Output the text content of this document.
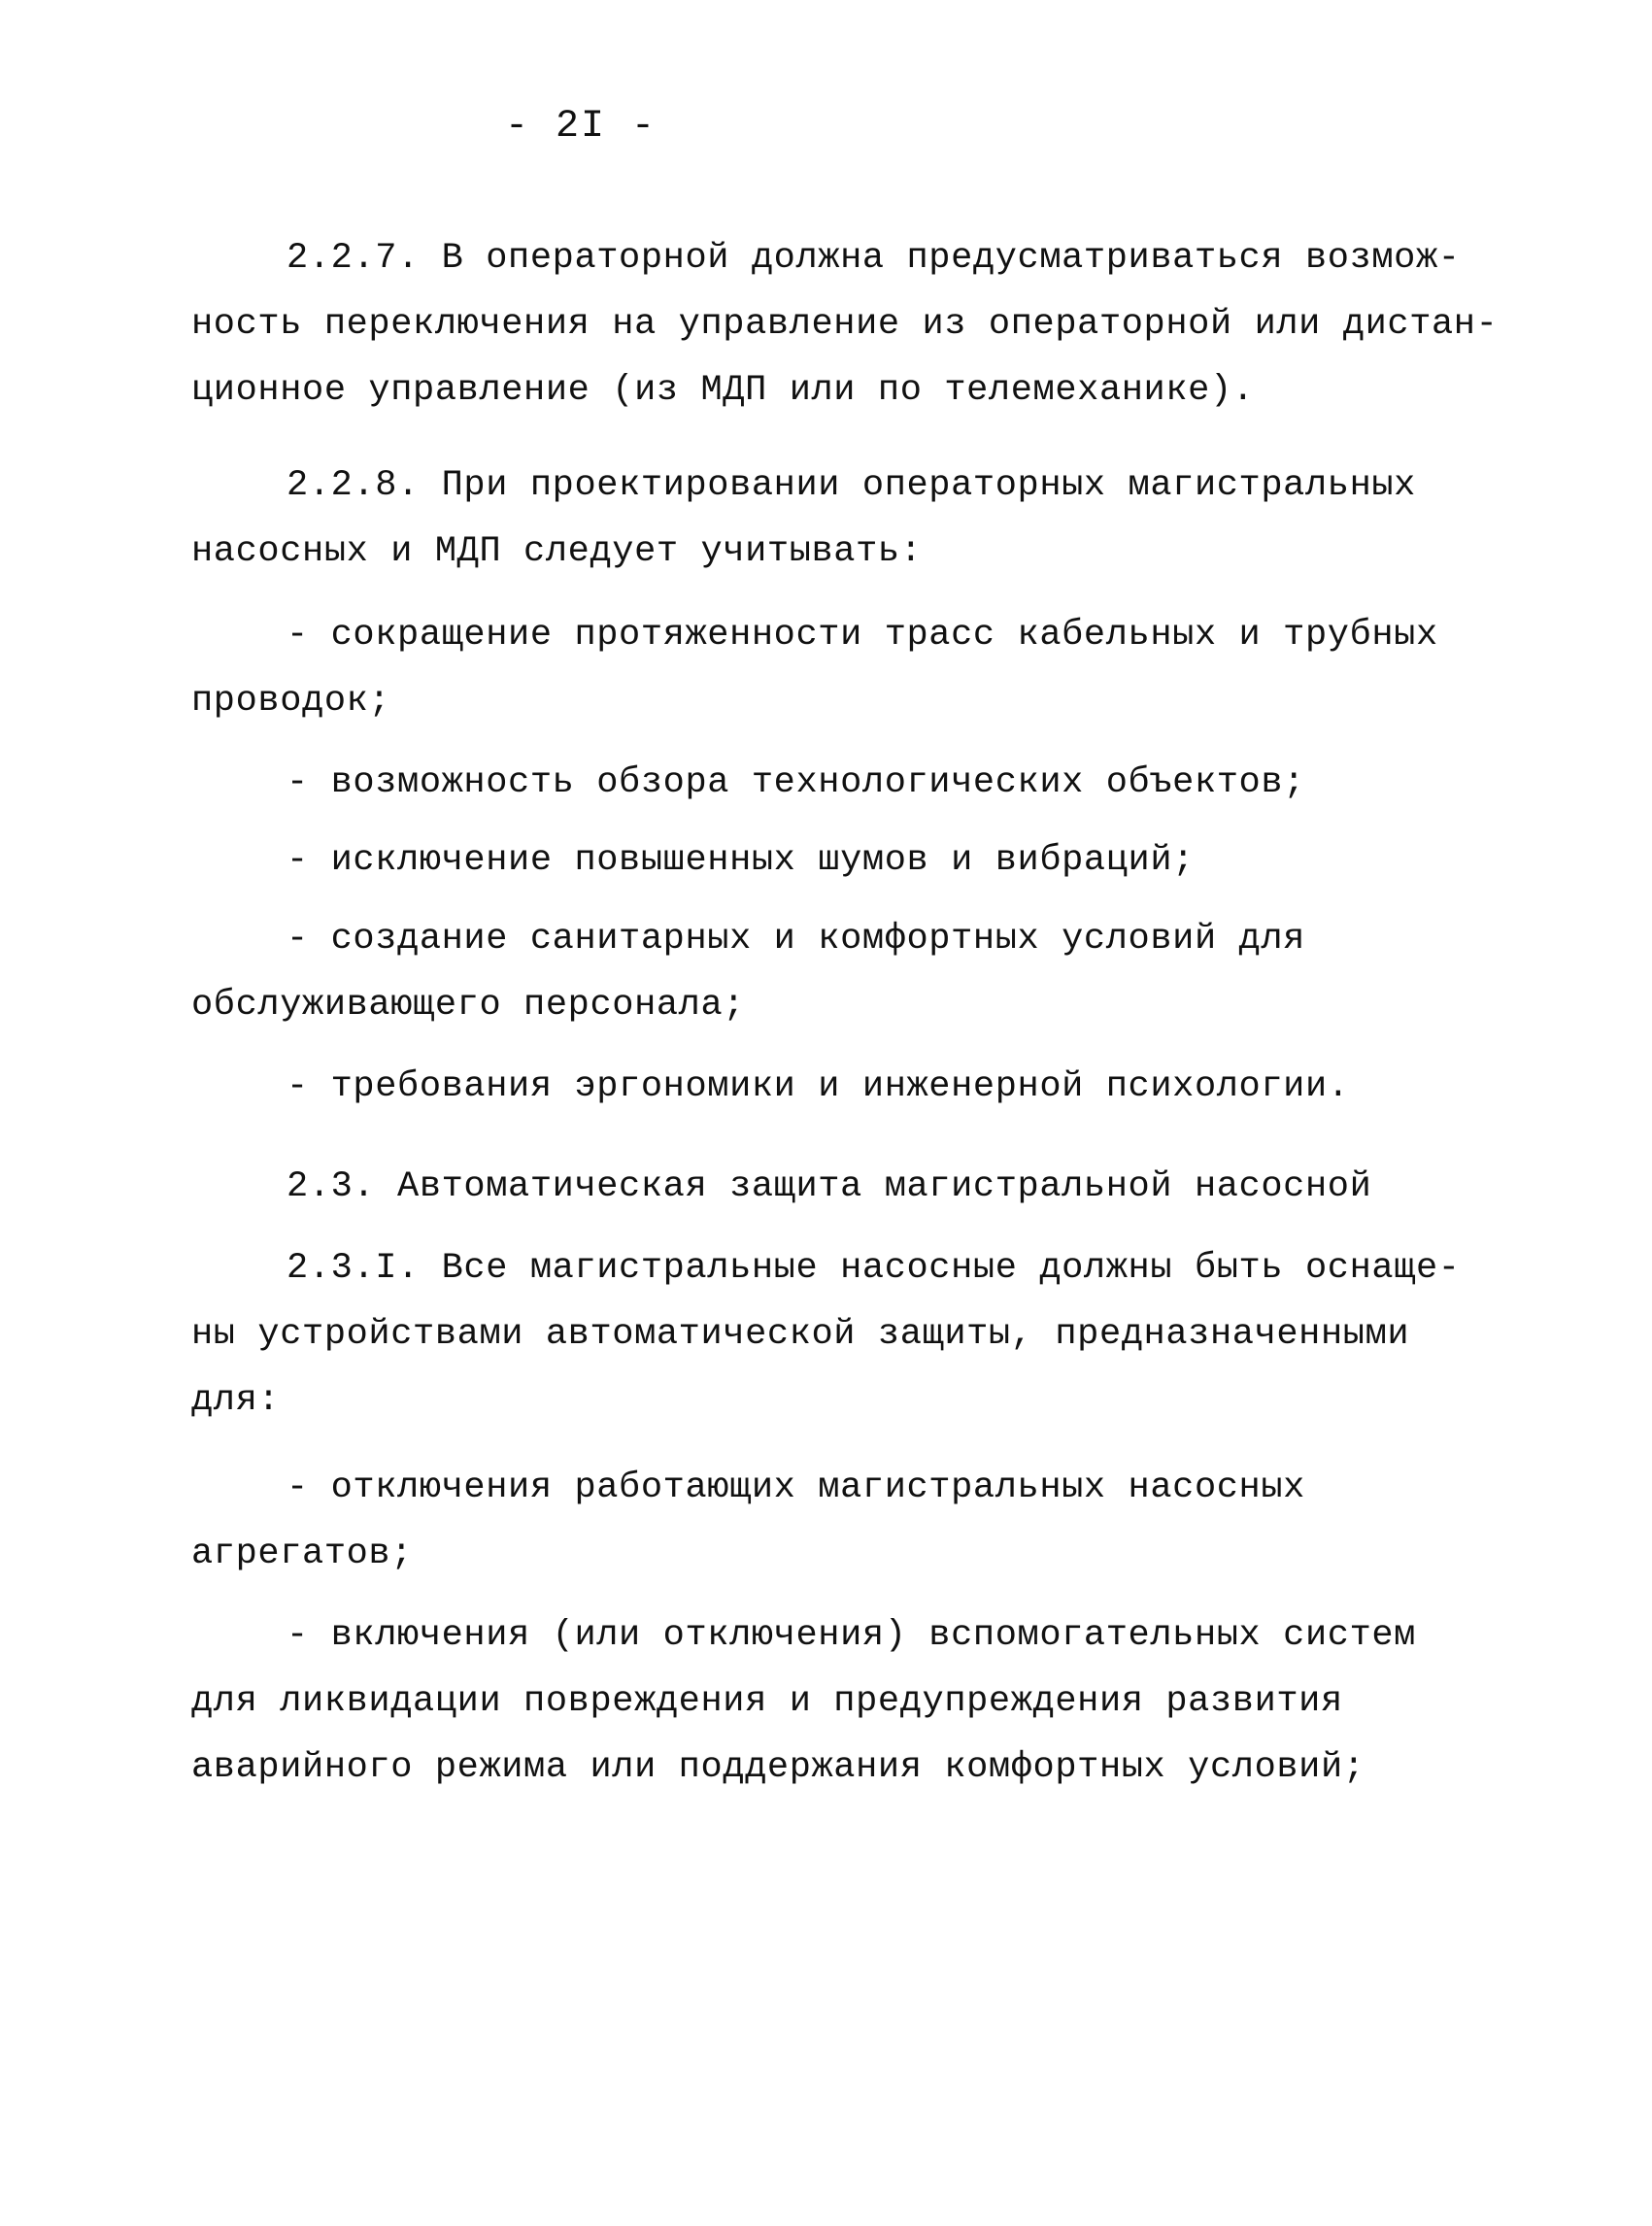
- 2I -
2.2.7. В операторной должна предусматриваться возмож-
ность переключения на управление из операторной или дистан-
ционное управление (из МДП или по телемеханике).
2.2.8. При проектировании операторных магистральных
насосных и МДП следует учитывать:
- сокращение протяженности трасс кабельных и трубных
проводок;
- возможность обзора технологических объектов;
- исключение повышенных шумов и вибраций;
- создание санитарных и комфортных условий для
обслуживающего персонала;
- требования эргономики и инженерной психологии.
2.3. Автоматическая защита магистральной насосной
2.3.I. Все магистральные насосные должны быть оснаще-
ны устройствами автоматической защиты, предназначенными
для:
- отключения работающих магистральных насосных
агрегатов;
- включения (или отключения) вспомогательных систем
для ликвидации повреждения и предупреждения развития
аварийного режима или поддержания комфортных условий;
